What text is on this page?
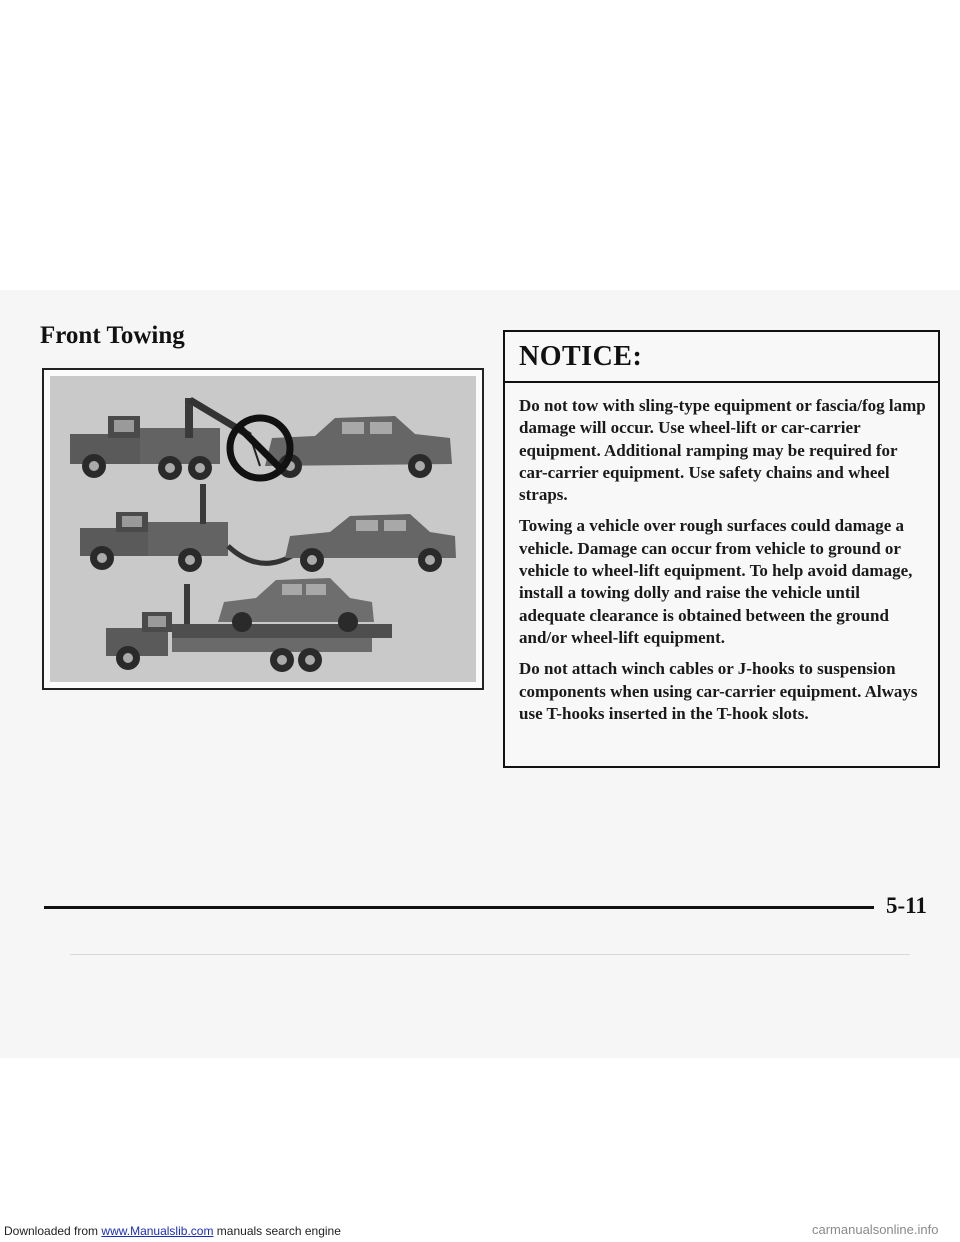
Front Towing
NOTICE:

Do not tow with sling-type equipment or fascia/fog lamp damage will occur. Use wheel-lift or car-carrier equipment. Additional ramping may be required for car-carrier equipment. Use safety chains and wheel straps.

Towing a vehicle over rough surfaces could damage a vehicle. Damage can occur from vehicle to ground or vehicle to wheel-lift equipment. To help avoid damage, install a towing dolly and raise the vehicle until adequate clearance is obtained between the ground and/or wheel-lift equipment.

Do not attach winch cables or J-hooks to suspension components when using car-carrier equipment. Always use T-hooks inserted in the T-hook slots.

5-11
Downloaded from www.Manualslib.com manuals search engine	carmanualsonline.info
